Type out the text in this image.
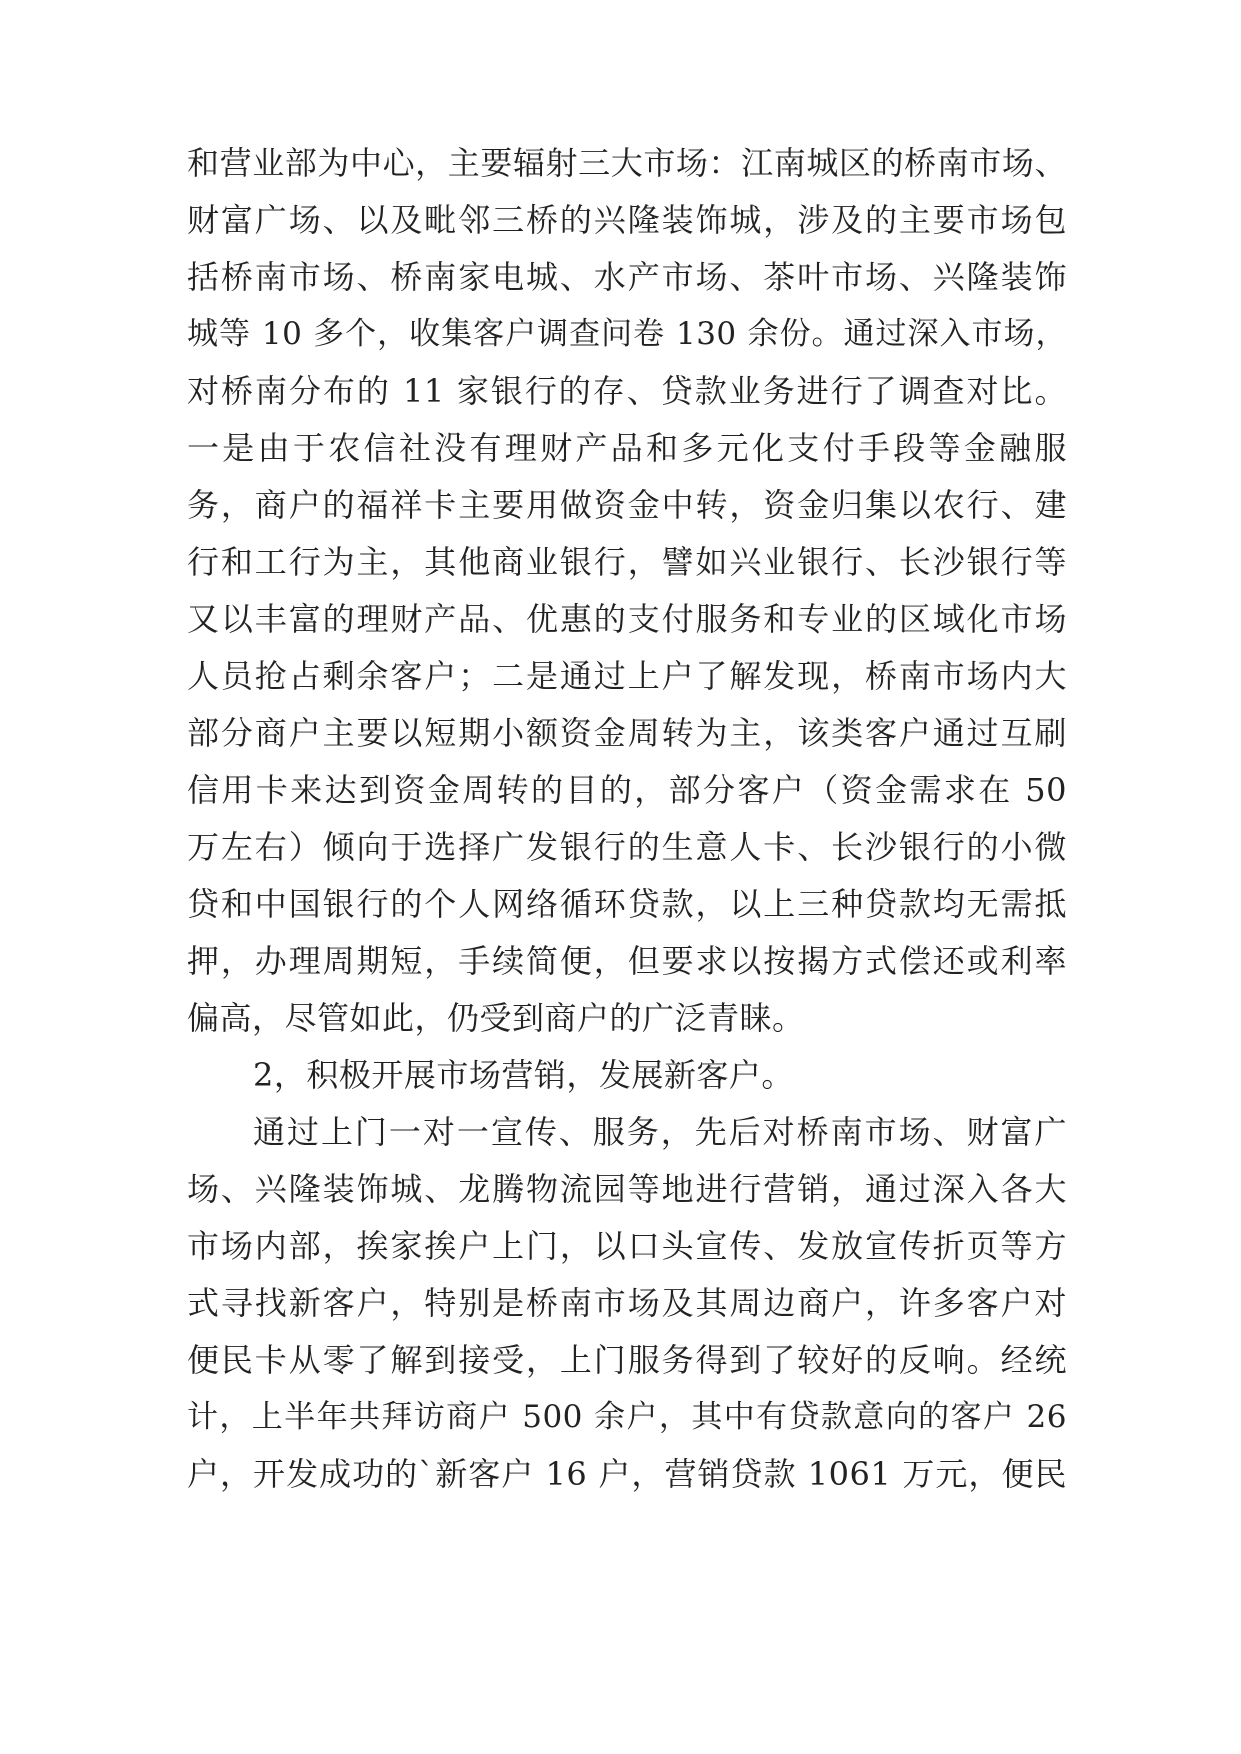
和营业部为中心，主要辐射三大市场：江南城区的桥南市场、
财富广场、以及毗邻三桥的兴隆装饰城，涉及的主要市场包
括桥南市场、桥南家电城、水产市场、茶叶市场、兴隆装饰
城等 10 多个，收集客户调查问卷 130 余份。通过深入市场，
对桥南分布的 11 家银行的存、贷款业务进行了调查对比。
一是由于农信社没有理财产品和多元化支付手段等金融服
务，商户的福祥卡主要用做资金中转，资金归集以农行、建
行和工行为主，其他商业银行，譬如兴业银行、长沙银行等
又以丰富的理财产品、优惠的支付服务和专业的区域化市场
人员抢占剩余客户；二是通过上户了解发现，桥南市场内大
部分商户主要以短期小额资金周转为主，该类客户通过互刷
信用卡来达到资金周转的目的，部分客户（资金需求在 50
万左右）倾向于选择广发银行的生意人卡、长沙银行的小微
贷和中国银行的个人网络循环贷款，以上三种贷款均无需抵
押，办理周期短，手续简便，但要求以按揭方式偿还或利率
偏高，尽管如此，仍受到商户的广泛青睐。
2，积极开展市场营销，发展新客户。
通过上门一对一宣传、服务，先后对桥南市场、财富广
场、兴隆装饰城、龙腾物流园等地进行营销，通过深入各大
市场内部，挨家挨户上门，以口头宣传、发放宣传折页等方
式寻找新客户，特别是桥南市场及其周边商户，许多客户对
便民卡从零了解到接受，上门服务得到了较好的反响。经统
计，上半年共拜访商户 500 余户，其中有贷款意向的客户 26
户，开发成功的`新客户 16 户，营销贷款 1061 万元，便民
